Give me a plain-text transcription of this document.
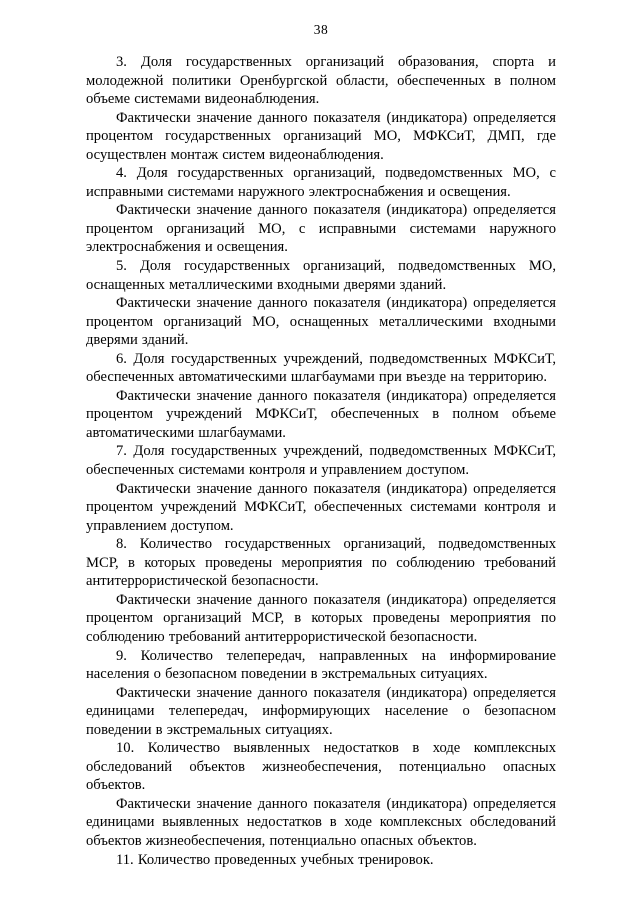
38

3. Доля государственных организаций образования, спорта и молодежной политики Оренбургской области, обеспеченных в полном объеме системами видеонаблюдения.

Фактически значение данного показателя (индикатора) определяется процентом государственных организаций МО, МФКСиТ, ДМП, где осуществлен монтаж систем видеонаблюдения.

4. Доля государственных организаций, подведомственных МО, с исправными системами наружного электроснабжения и освещения.

Фактически значение данного показателя (индикатора) определяется процентом организаций МО, с исправными системами наружного электроснабжения и освещения.

5. Доля государственных организаций, подведомственных МО, оснащенных металлическими входными дверями зданий.

Фактически значение данного показателя (индикатора) определяется процентом организаций МО, оснащенных металлическими входными дверями зданий.

6. Доля государственных учреждений, подведомственных МФКСиТ, обеспеченных автоматическими шлагбаумами при въезде на территорию.

Фактически значение данного показателя (индикатора) определяется процентом учреждений МФКСиТ, обеспеченных в полном объеме автоматическими шлагбаумами.

7. Доля государственных учреждений, подведомственных МФКСиТ, обеспеченных системами контроля и управлением доступом.

Фактически значение данного показателя (индикатора) определяется процентом учреждений МФКСиТ, обеспеченных системами контроля и управлением доступом.

8. Количество государственных организаций, подведомственных МСР, в которых проведены мероприятия по соблюдению требований антитеррористической безопасности.

Фактически значение данного показателя (индикатора) определяется процентом организаций МСР, в которых проведены мероприятия по соблюдению требований антитеррористической безопасности.

9. Количество телепередач, направленных на информирование населения о безопасном поведении в экстремальных ситуациях.

Фактически значение данного показателя (индикатора) определяется единицами телепередач, информирующих население о безопасном поведении в экстремальных ситуациях.

10. Количество выявленных недостатков в ходе комплексных обследований объектов жизнеобеспечения, потенциально опасных объектов.

Фактически значение данного показателя (индикатора) определяется единицами выявленных недостатков в ходе комплексных обследований объектов жизнеобеспечения, потенциально опасных объектов.

11. Количество проведенных учебных тренировок.
